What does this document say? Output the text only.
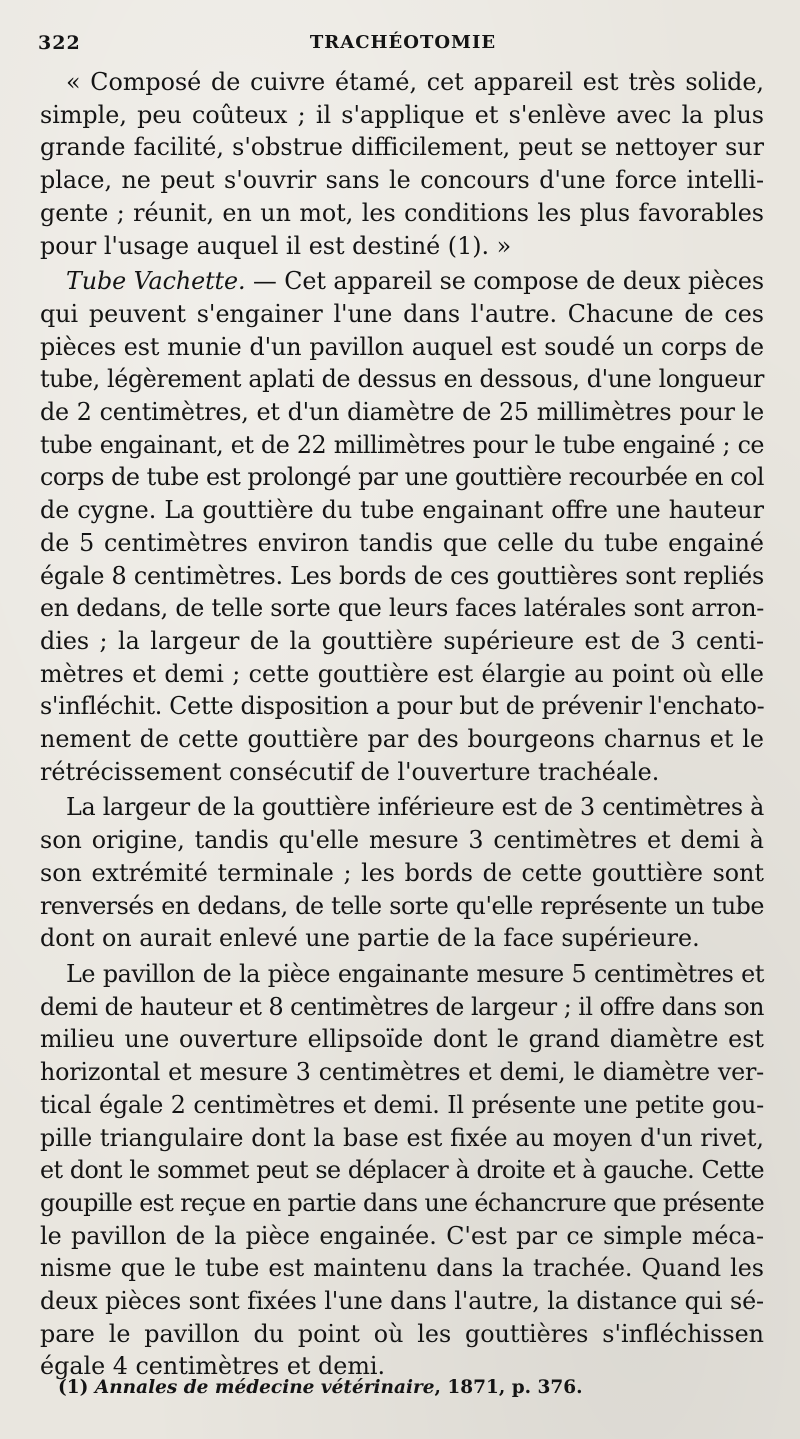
322	TRACHÉOTOMIE

« Composé de cuivre étamé, cet appareil est très solide,
simple, peu coûteux ; il s'applique et s'enlève avec la plus
grande facilité, s'obstrue difficilement, peut se nettoyer sur
place, ne peut s'ouvrir sans le concours d'une force intelli-
gente ; réunit, en un mot, les conditions les plus favorables
pour l'usage auquel il est destiné (1). »

Tube Vachette. — Cet appareil se compose de deux pièces
qui peuvent s'engainer l'une dans l'autre. Chacune de ces
pièces est munie d'un pavillon auquel est soudé un corps de
tube, légèrement aplati de dessus en dessous, d'une longueur
de 2 centimètres, et d'un diamètre de 25 millimètres pour le
tube engainant, et de 22 millimètres pour le tube engainé ; ce
corps de tube est prolongé par une gouttière recourbée en col
de cygne. La gouttière du tube engainant offre une hauteur
de 5 centimètres environ tandis que celle du tube engainé
égale 8 centimètres. Les bords de ces gouttières sont repliés
en dedans, de telle sorte que leurs faces latérales sont arron-
dies ; la largeur de la gouttière supérieure est de 3 centi-
mètres et demi ; cette gouttière est élargie au point où elle
s'infléchit. Cette disposition a pour but de prévenir l'enchato-
nement de cette gouttière par des bourgeons charnus et le
rétrécissement consécutif de l'ouverture trachéale.

La largeur de la gouttière inférieure est de 3 centimètres à
son origine, tandis qu'elle mesure 3 centimètres et demi à
son extrémité terminale ; les bords de cette gouttière sont
renversés en dedans, de telle sorte qu'elle représente un tube
dont on aurait enlevé une partie de la face supérieure.

Le pavillon de la pièce engainante mesure 5 centimètres et
demi de hauteur et 8 centimètres de largeur ; il offre dans son
milieu une ouverture ellipsoïde dont le grand diamètre est
horizontal et mesure 3 centimètres et demi, le diamètre ver-
tical égale 2 centimètres et demi. Il présente une petite gou-
pille triangulaire dont la base est fixée au moyen d'un rivet,
et dont le sommet peut se déplacer à droite et à gauche. Cette
goupille est reçue en partie dans une échancrure que présente
le pavillon de la pièce engainée. C'est par ce simple méca-
nisme que le tube est maintenu dans la trachée. Quand les
deux pièces sont fixées l'une dans l'autre, la distance qui sé-
pare le pavillon du point où les gouttières s'infléchissen
égale 4 centimètres et demi.

(1) Annales de médecine vétérinaire, 1871, p. 376.
